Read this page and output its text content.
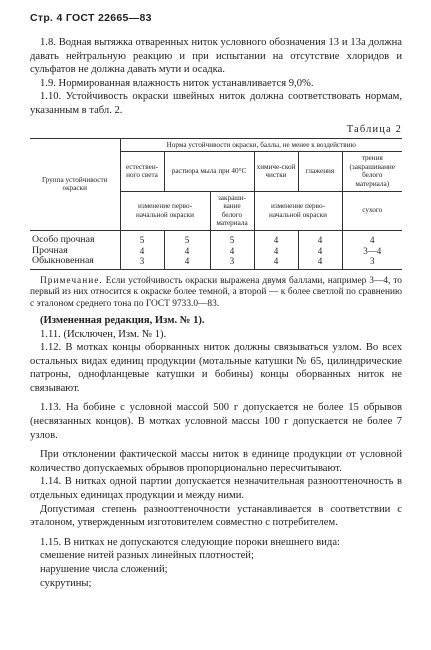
Стр. 4 ГОСТ 22665—83

1.8. Водная вытяжка отваренных ниток условного обозначения 13 и 13а должна давать нейтральную реакцию и при испытании на отсутствие хлоридов и сульфатов не должна давать мути и осадка.

1.9. Нормированная влажность ниток устанавливается 9,0%.

1.10. Устойчивость окраски швейных ниток должна соответствовать нормам, указанным в табл. 2.

Таблица 2
Группа устойчивости окраски	Норма устойчивости окраски, баллы, не менее к воздействию					
	естествен-ного света	раствора мыла при 40°С		химиче-ской чистки	глажения	трения (закрашивание белого материала)
	изменение перво-начальной окраски		закраши-вание белого материала	изменение перво-начальной окраски		сухого
Особо прочная	5	5	5	4	4	4
Прочная	4	4	4	4	4	3—4
Обыкновенная	3	4	3	4	4	3

Примечание. Если устойчивость окраски выражена двумя баллами, например 3—4, то первый из них относится к окраске более темной, а второй — к более светлой по сравнению с эталоном среднего тона по ГОСТ 9733.0—83.

(Измененная редакция, Изм. № 1).

1.11. (Исключен, Изм. № 1).

1.12. В мотках концы оборванных ниток должны связываться узлом. Во всех остальных видах единиц продукции (мотальные катушки № 65, цилиндрические патроны, однофланцевые катушки и бобины) концы оборванных ниток не связывают.

1.13. На бобине с условной массой 500 г допускается не более 15 обрывов (несвязанных концов). В мотках условной массы 100 г допускается не более 7 узлов.

При отклонении фактической массы ниток в единице продукции от условной количество допускаемых обрывов пропорционально пересчитывают.

1.14. В нитках одной партии допускается незначительная разнооттеночность в отдельных единицах продукции и между ними.

Допустимая степень разнооттеночности устанавливается в соответствии с эталоном, утвержденным изготовителем совместно с потребителем.

1.15. В нитках не допускаются следующие пороки внешнего вида:

смешение нитей разных линейных плотностей;

нарушение числа сложений;

сукрутины;
